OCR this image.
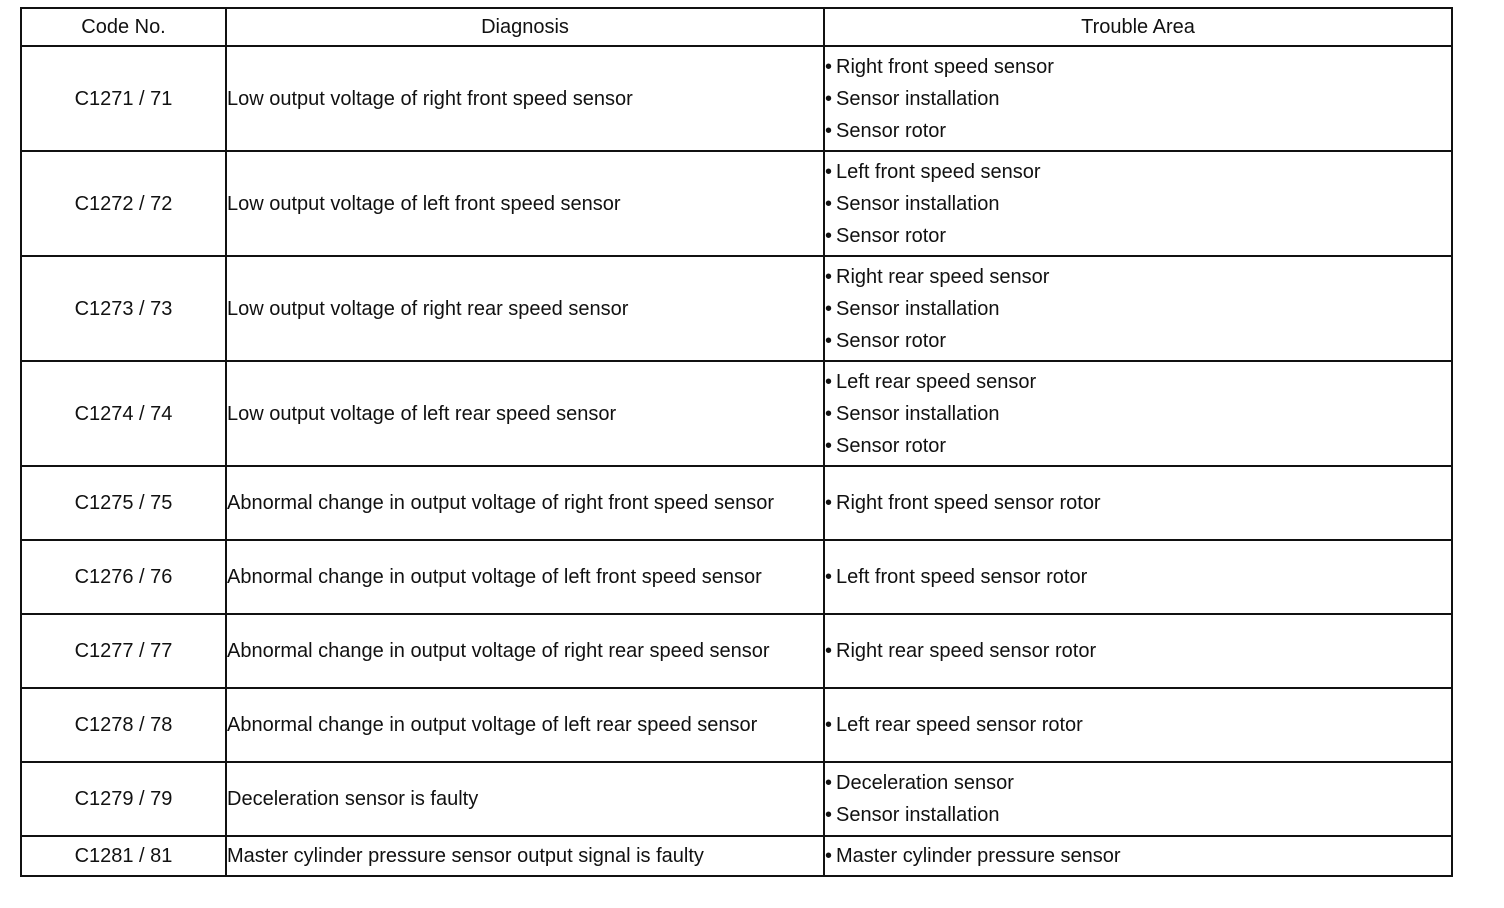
Code No.	Diagnosis	Trouble Area
C1271 / 71	Low output voltage of right front speed sensor	• Right front speed sensor
• Sensor installation
• Sensor rotor

C1272 / 72	Low output voltage of left front speed sensor	• Left front speed sensor
• Sensor installation
• Sensor rotor

C1273 / 73	Low output voltage of right rear speed sensor	• Right rear speed sensor
• Sensor installation
• Sensor rotor

C1274 / 74	Low output voltage of left rear speed sensor	• Left rear speed sensor
• Sensor installation
• Sensor rotor

C1275 / 75	Abnormal change in output voltage of right front speed sensor	• Right front speed sensor rotor

C1276 / 76	Abnormal change in output voltage of left front speed sensor	• Left front speed sensor rotor

C1277 / 77	Abnormal change in output voltage of right rear speed sensor	• Right rear speed sensor rotor

C1278 / 78	Abnormal change in output voltage of left rear speed sensor	• Left rear speed sensor rotor

C1279 / 79	Deceleration sensor is faulty	• Deceleration sensor
• Sensor installation

C1281 / 81	Master cylinder pressure sensor output signal is faulty	• Master cylinder pressure sensor
